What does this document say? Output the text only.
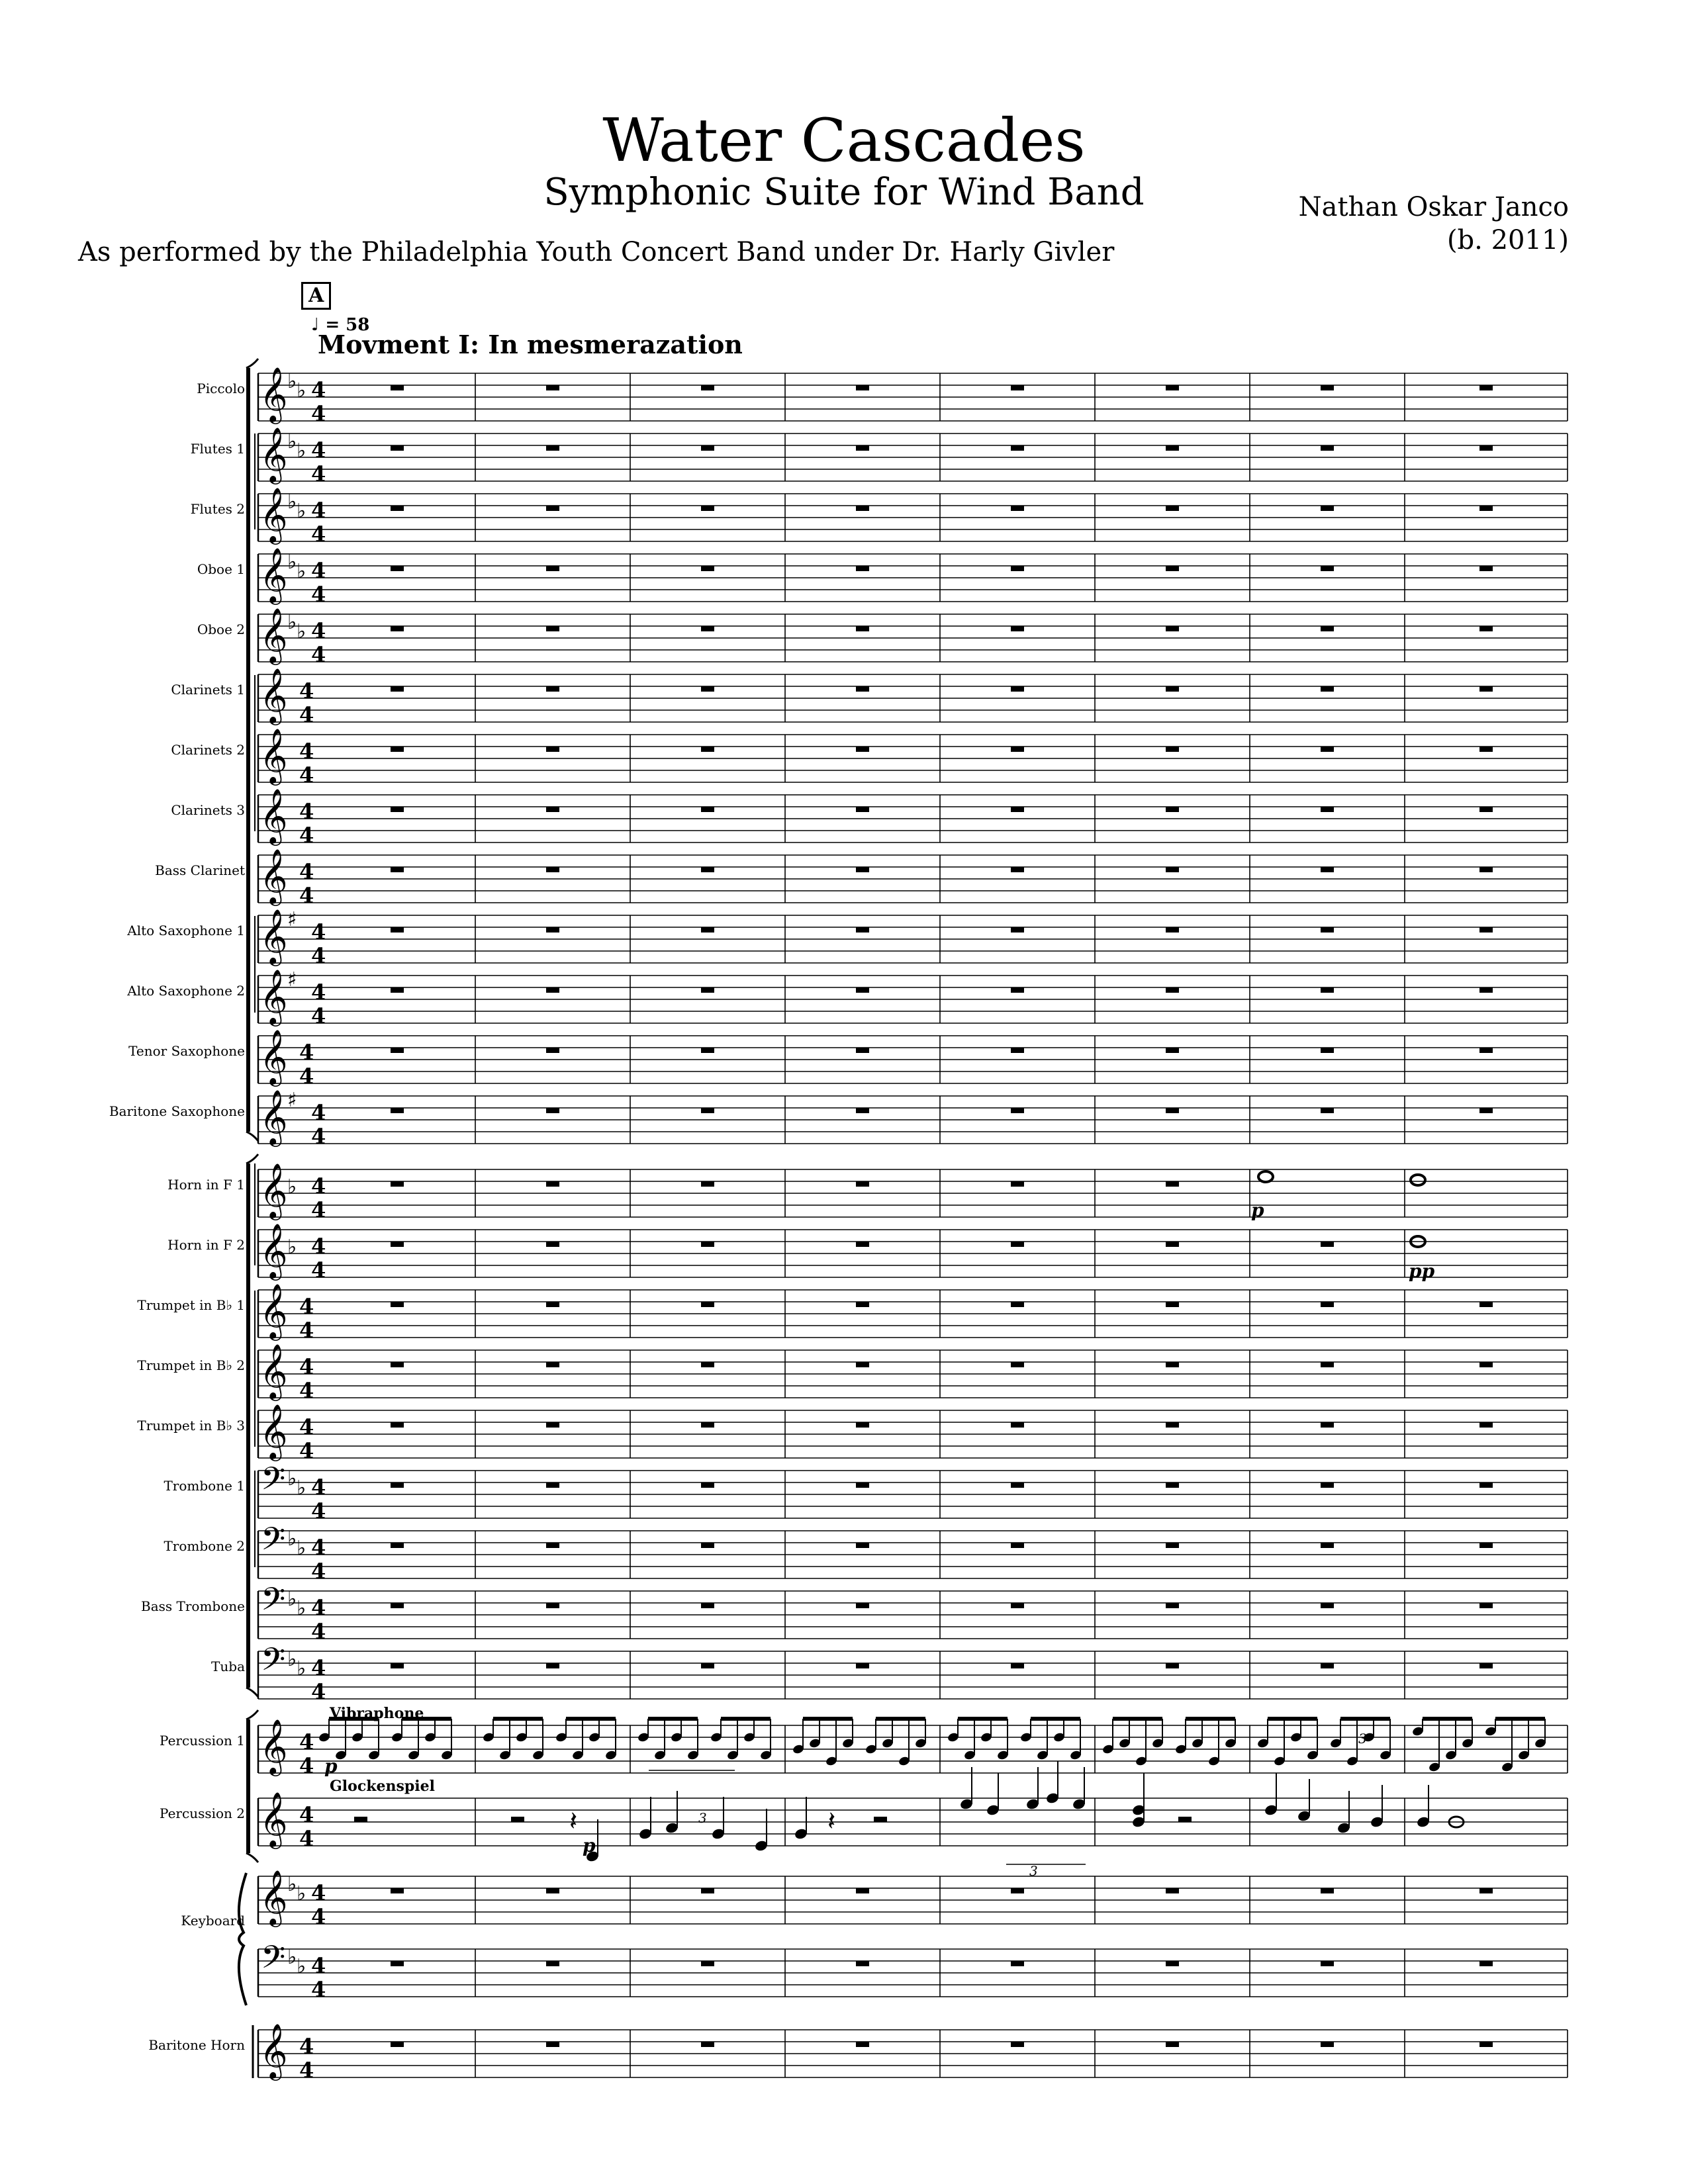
Water Cascades
Symphonic Suite for Wind Band	Nathan Oskar Janco
(b. 2011)
As performed by the Philadelphia Youth Concert Band under Dr. Harly Givler
A
♩ = 58
Movment I: In mesmerazation
Piccolo
Flutes 1
Flutes 2
Oboe 1
Oboe 2
Clarinets 1
Clarinets 2
Clarinets 3
Bass Clarinet
Alto Saxophone 1
Alto Saxophone 2
Tenor Saxophone
Baritone Saxophone
Horn in F 1
Horn in F 2
Trumpet in B♭ 1
Trumpet in B♭ 2
Trumpet in B♭ 3
Trombone 1
Trombone 2
Bass Trombone
Tuba
Percussion 1
Percussion 2
Keyboard
Baritone Horn
𝄞 ♭ ♭ 4
4
𝄞 ♭ ♭ 4
4
𝄞 ♭ ♭ 4
4
𝄞 ♭ ♭ 4
4
𝄞 ♭ ♭ 4
4
𝄞 4
4
𝄞 4
4
𝄞 4
4
𝄞 4
4
𝄞 ♯ 4
4
𝄞 ♯ 4
4
𝄞 4
4
𝄞 ♯ 4
4
𝄞 ♭ 4
4
𝄞 ♭ 4
4
𝄞 4
4
𝄞 4
4
𝄞 4
4
𝄢 ♭ ♭ 4
4
𝄢 ♭ ♭ 4
4
𝄢 ♭ ♭ 4
4
𝄢 ♭ ♭ 4
4
𝄞 4
4
𝄞 4
4
𝄞 ♭ ♭ 4
4
𝄢 ♭ ♭ 4
4
𝄞 4
4
𝄽	𝄽
Vibraphone
Glockenspiel
p
p
p
pp
3
3
3
